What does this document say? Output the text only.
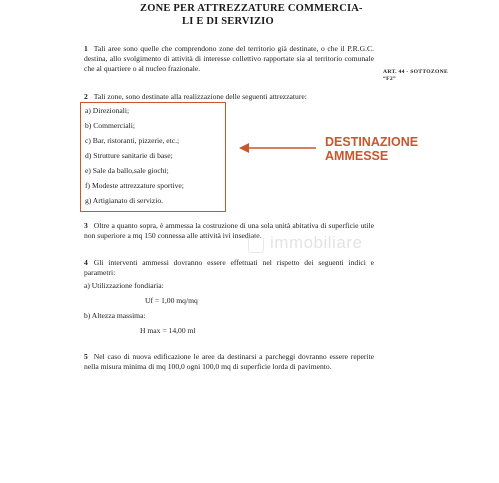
ZONE PER ATTREZZATURE COMMERCIA-
LI E DI SERVIZIO
1 Tali aree sono quelle che comprendono zone del territorio già destinate, o che il P.R.G.C. destina, allo svolgimento di attività di interesse collettivo rapportate sia al territorio comunale che al quartiere o al nucleo frazionale.	ART. 44 - SOTTOZONE
“F2”
2 Tali zone, sono destinate alla realizzazione delle seguenti attrezzature:
a) Direzionali;
b) Commerciali;
c) Bar, ristoranti, pizzerie, etc.;
d) Strutture sanitarie di base;
e) Sale da ballo,sale giochi;
f) Modeste attrezzature sportive;
g) Artigianato di servizio.
DESTINAZIONE
AMMESSE
3 Oltre a quanto sopra, è ammessa la costruzione di una sola unità abitativa di superficie utile non superiore a mq 150 connessa alle attività ivi insediate. immobiliare
4 Gli interventi ammessi dovranno essere effettuati nel rispetto dei seguenti indici e parametri:
a) Utilizzazione fondiaria:
Uf = 1,00 mq/mq
b) Altezza massima:
H max = 14,00 ml
5 Nel caso di nuova edificazione le aree da destinarsi a parcheggi dovranno essere reperite nella misura minima di mq 100,0 ogni 100,0 mq di superficie lorda di pavimento.
